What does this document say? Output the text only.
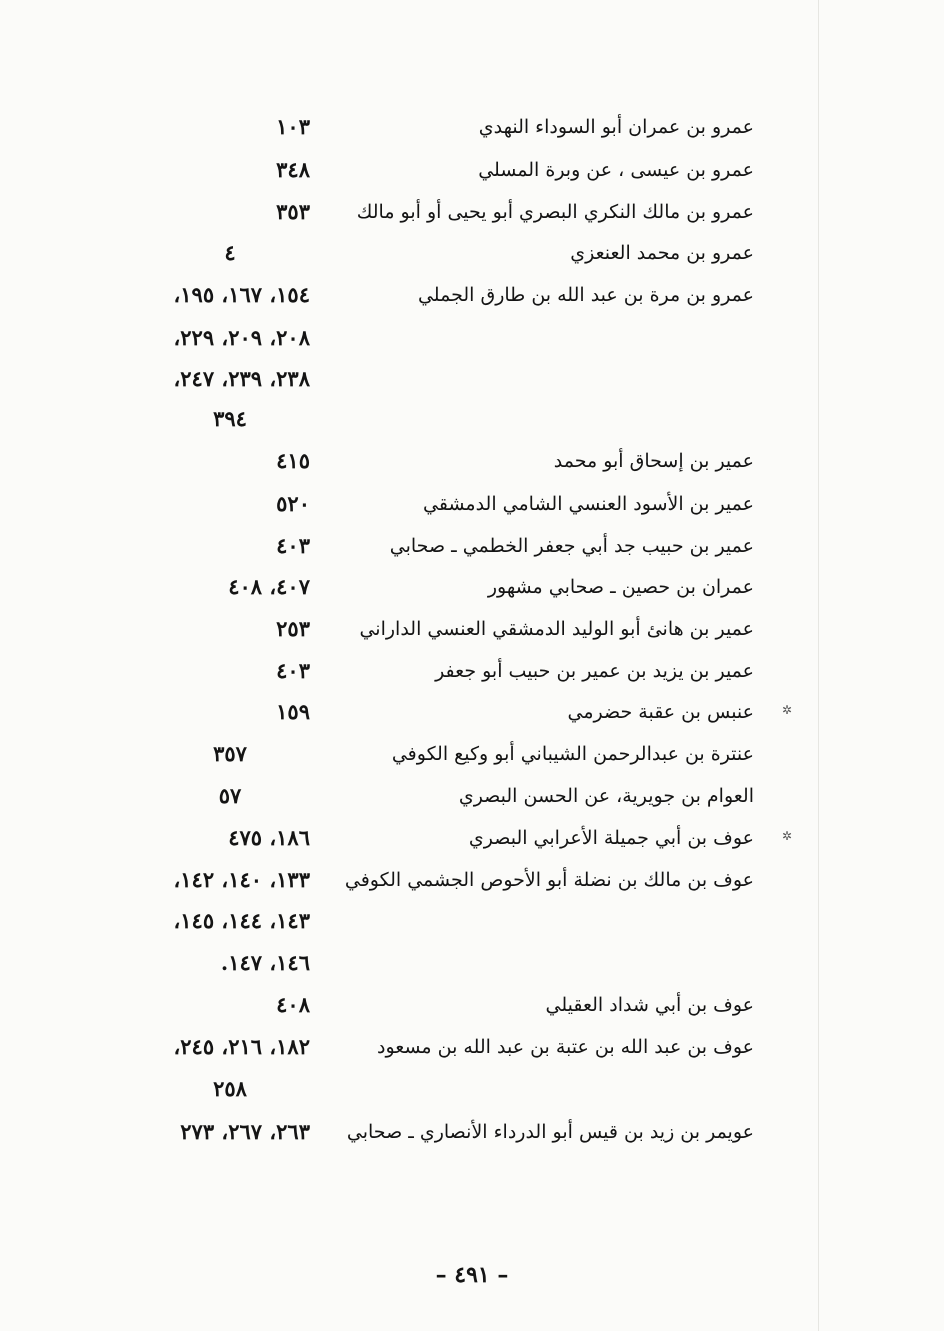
عمرو بن عمران أبو السوداء النهدي
١٠٣
عمرو بن عيسى ، عن وبرة المسلي
٣٤٨
عمرو بن مالك النكري البصري أبو يحيى أو أبو مالك
٣٥٣
عمرو بن محمد العنعزي
٤
عمرو بن مرة بن عبد الله بن طارق الجملي
١٥٤، ١٦٧، ١٩٥،
٢٠٨، ٢٠٩، ٢٢٩،
٢٣٨، ٢٣٩، ٢٤٧،
٣٩٤
عمير بن إسحاق أبو محمد
٤١٥
عمير بن الأسود العنسي الشامي الدمشقي
٥٢٠
عمير بن حبيب جد أبي جعفر الخطمي ـ صحابي
٤٠٣
عمران بن حصين ـ صحابي مشهور
٤٠٧، ٤٠٨
عمير بن هانئ أبو الوليد الدمشقي العنسي الداراني
٢٥٣
عمير بن يزيد بن عمير بن حبيب أبو جعفر
٤٠٣
عنبس بن عقبة حضرمي
١٥٩	✲
عنترة بن عبدالرحمن الشيباني أبو وكيع الكوفي
٣٥٧
العوام بن جويرية، عن الحسن البصري
٥٧
عوف بن أبي جميلة الأعرابي البصري
١٨٦، ٤٧٥	✲
عوف بن مالك بن نضلة أبو الأحوص الجشمي الكوفي
١٣٣، ١٤٠، ١٤٢،
١٤٣، ١٤٤، ١٤٥،
١٤٦، ١٤٧.
عوف بن أبي شداد العقيلي
٤٠٨
عوف بن عبد الله بن عتبة بن عبد الله بن مسعود
١٨٢، ٢١٦، ٢٤٥،
٢٥٨
عويمر بن زيد بن قيس أبو الدرداء الأنصاري ـ صحابي
٢٦٣، ٢٦٧، ٢٧٣
– ٤٩١ –
